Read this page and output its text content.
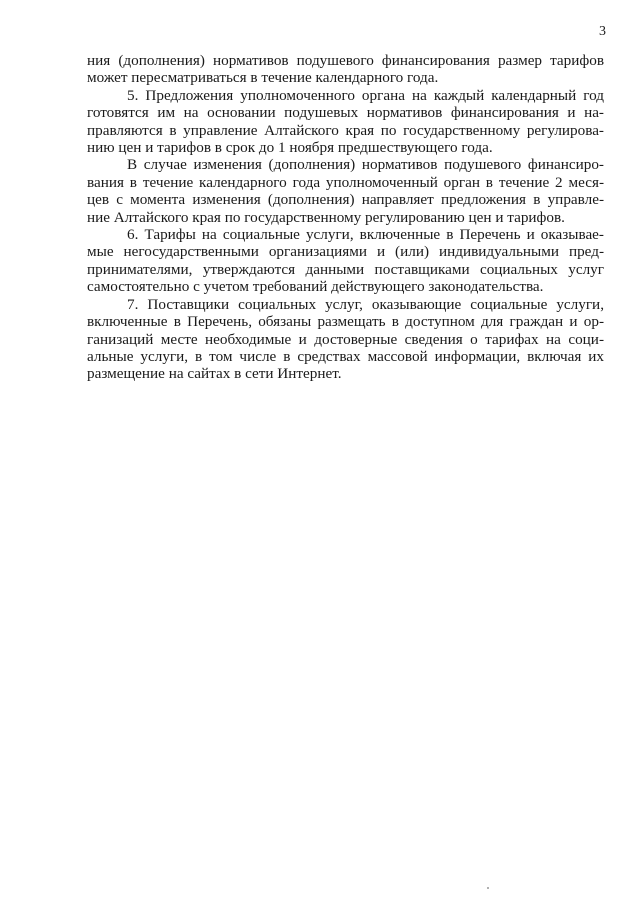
3
ния (дополнения) нормативов подушевого финансирования размер тарифов
может пересматриваться в течение календарного года.
5. Предложения уполномоченного органа на каждый календарный год
готовятся им на основании подушевых нормативов финансирования и на-
правляются в управление Алтайского края по государственному регулирова-
нию цен и тарифов в срок до 1 ноября предшествующего года.
В случае изменения (дополнения) нормативов подушевого финансиро-
вания в течение календарного года уполномоченный орган в течение 2 меся-
цев с момента изменения (дополнения) направляет предложения в управле-
ние Алтайского края по государственному регулированию цен и тарифов.
6. Тарифы на социальные услуги, включенные в Перечень и оказывае-
мые негосударственными организациями и (или) индивидуальными пред-
принимателями, утверждаются данными поставщиками социальных услуг
самостоятельно с учетом требований действующего законодательства.
7. Поставщики социальных услуг, оказывающие социальные услуги,
включенные в Перечень, обязаны размещать в доступном для граждан и ор-
ганизаций месте необходимые и достоверные сведения о тарифах на соци-
альные услуги, в том числе в средствах массовой информации, включая их
размещение на сайтах в сети Интернет.
